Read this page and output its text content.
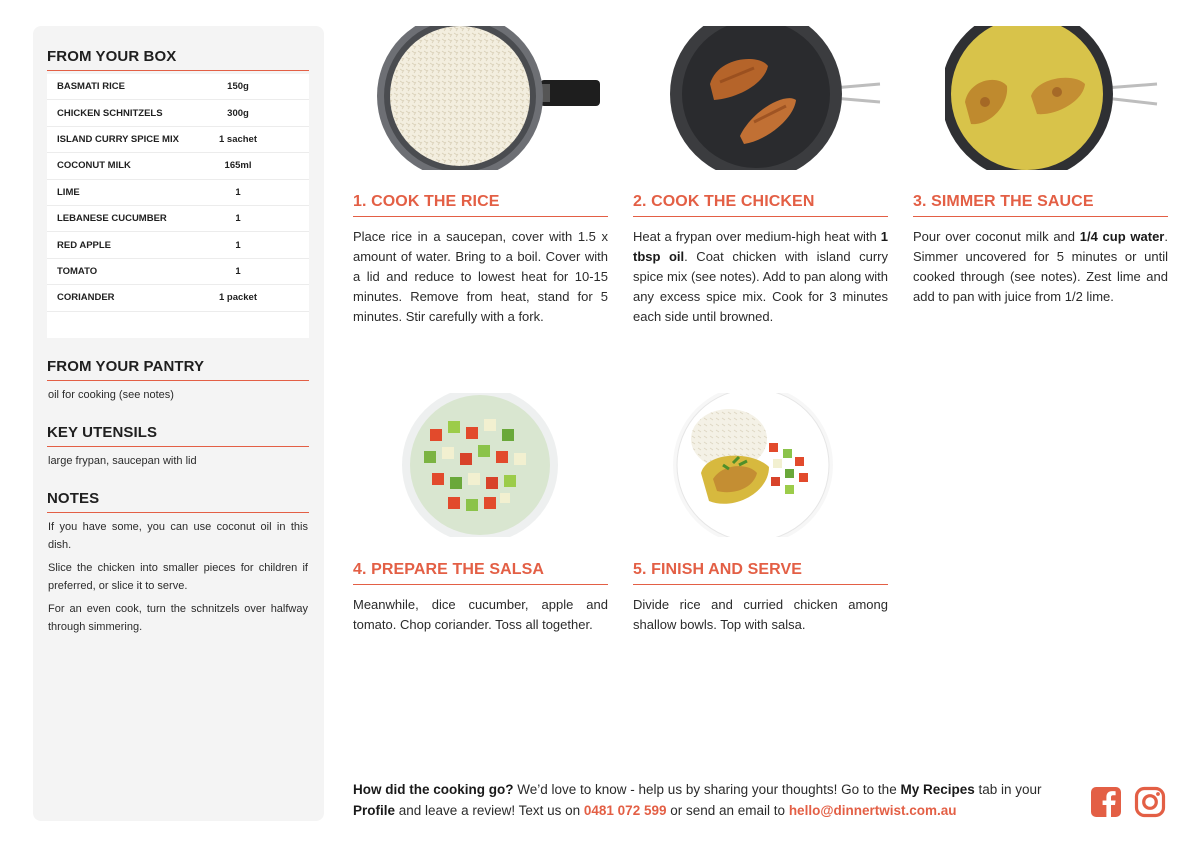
FROM YOUR BOX
BASMATI RICE	150g
CHICKEN SCHNITZELS	300g
ISLAND CURRY SPICE MIX	1 sachet
COCONUT MILK	165ml
LIME	1
LEBANESE CUCUMBER	1
RED APPLE	1
TOMATO	1
CORIANDER	1 packet
FROM YOUR PANTRY
oil for cooking (see notes)
KEY UTENSILS
large frypan, saucepan with lid
NOTES

If you have some, you can use coconut oil in this dish.

Slice the chicken into smaller pieces for children if preferred, or slice it to serve.

For an even cook, turn the schnitzels over halfway through simmering.

1. COOK THE RICE
Place rice in a saucepan, cover with 1.5 x amount of water. Bring to a boil. Cover with a lid and reduce to lowest heat for 10-15 minutes. Remove from heat, stand for 5 minutes. Stir carefully with a fork.
2. COOK THE CHICKEN
Heat a frypan over medium-high heat with 1 tbsp oil. Coat chicken with island curry spice mix (see notes). Add to pan along with any excess spice mix. Cook for 3 minutes each side until browned.
3. SIMMER THE SAUCE
Pour over coconut milk and 1/4 cup water. Simmer uncovered for 5 minutes or until cooked through (see notes). Zest lime and add to pan with juice from 1/2 lime.
4. PREPARE THE SALSA
Meanwhile, dice cucumber, apple and tomato. Chop coriander. Toss all together.
5. FINISH AND SERVE
Divide rice and curried chicken among shallow bowls. Top with salsa.
How did the cooking go? We’d love to know - help us by sharing your thoughts! Go to the My Recipes tab in your Profile and leave a review! Text us on 0481 072 599 or send an email to hello@dinnertwist.com.au
